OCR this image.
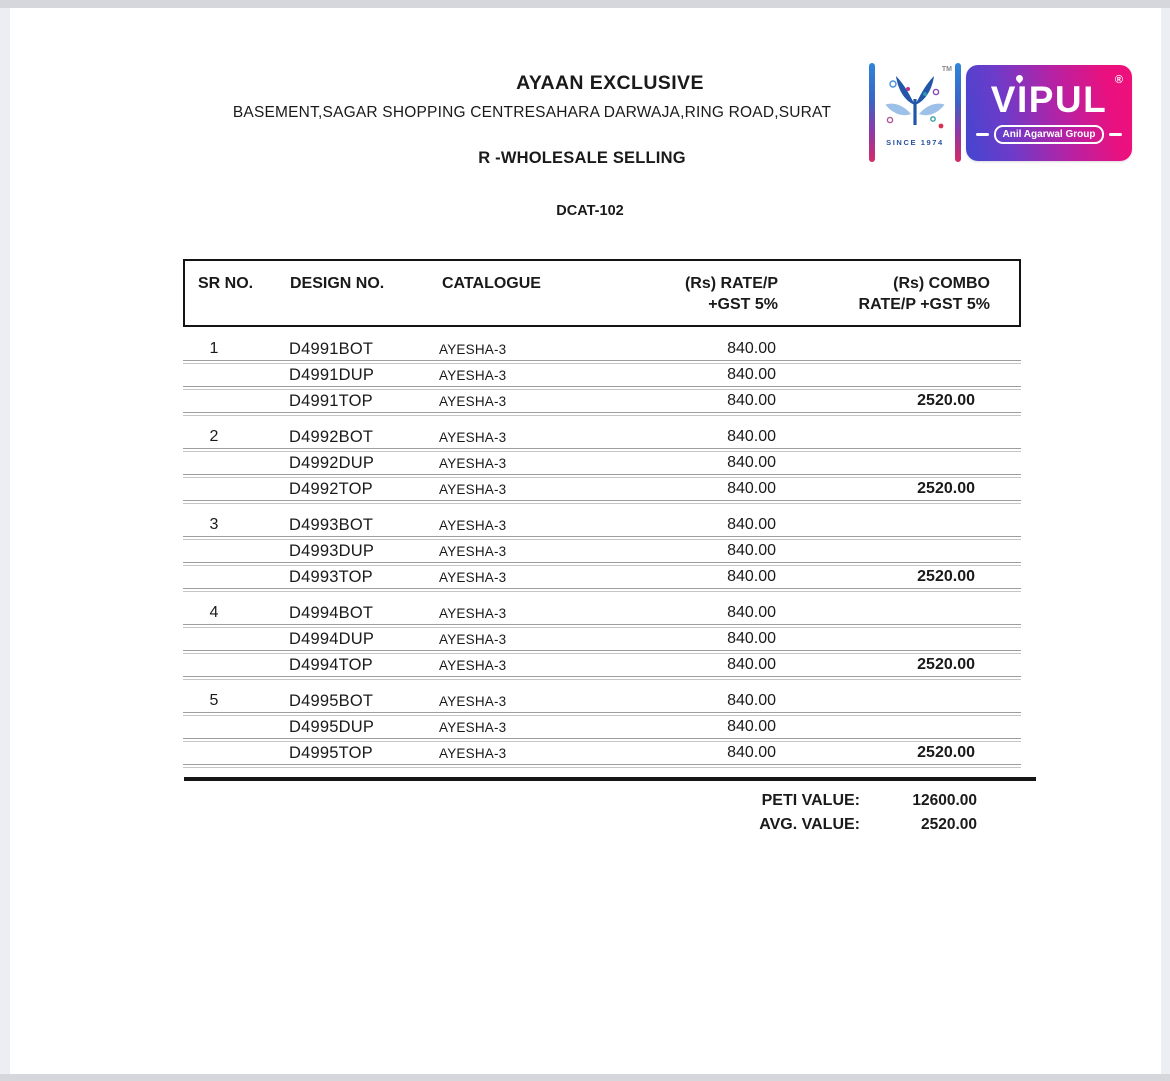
AYAAN EXCLUSIVE
BASEMENT,SAGAR SHOPPING CENTRESAHARA DARWAJA,RING ROAD,SURAT
R -WHOLESALE SELLING
DCAT-102
TM
SINCE 1974
VIPUL ®
Anil Agarwal Group
SR NO.	DESIGN NO.	CATALOGUE	(Rs) RATE/P
+GST 5%
(Rs) COMBO
RATE/P +GST 5%
1	D4991BOT	AYESHA-3	840.00
D4991DUP	AYESHA-3	840.00
D4991TOP	AYESHA-3	840.00	2520.00
2	D4992BOT	AYESHA-3	840.00
D4992DUP	AYESHA-3	840.00
D4992TOP	AYESHA-3	840.00	2520.00
3	D4993BOT	AYESHA-3	840.00
D4993DUP	AYESHA-3	840.00
D4993TOP	AYESHA-3	840.00	2520.00
4	D4994BOT	AYESHA-3	840.00
D4994DUP	AYESHA-3	840.00
D4994TOP	AYESHA-3	840.00	2520.00
5	D4995BOT	AYESHA-3	840.00
D4995DUP	AYESHA-3	840.00
D4995TOP	AYESHA-3	840.00	2520.00
PETI VALUE:	12600.00
AVG. VALUE:	2520.00
